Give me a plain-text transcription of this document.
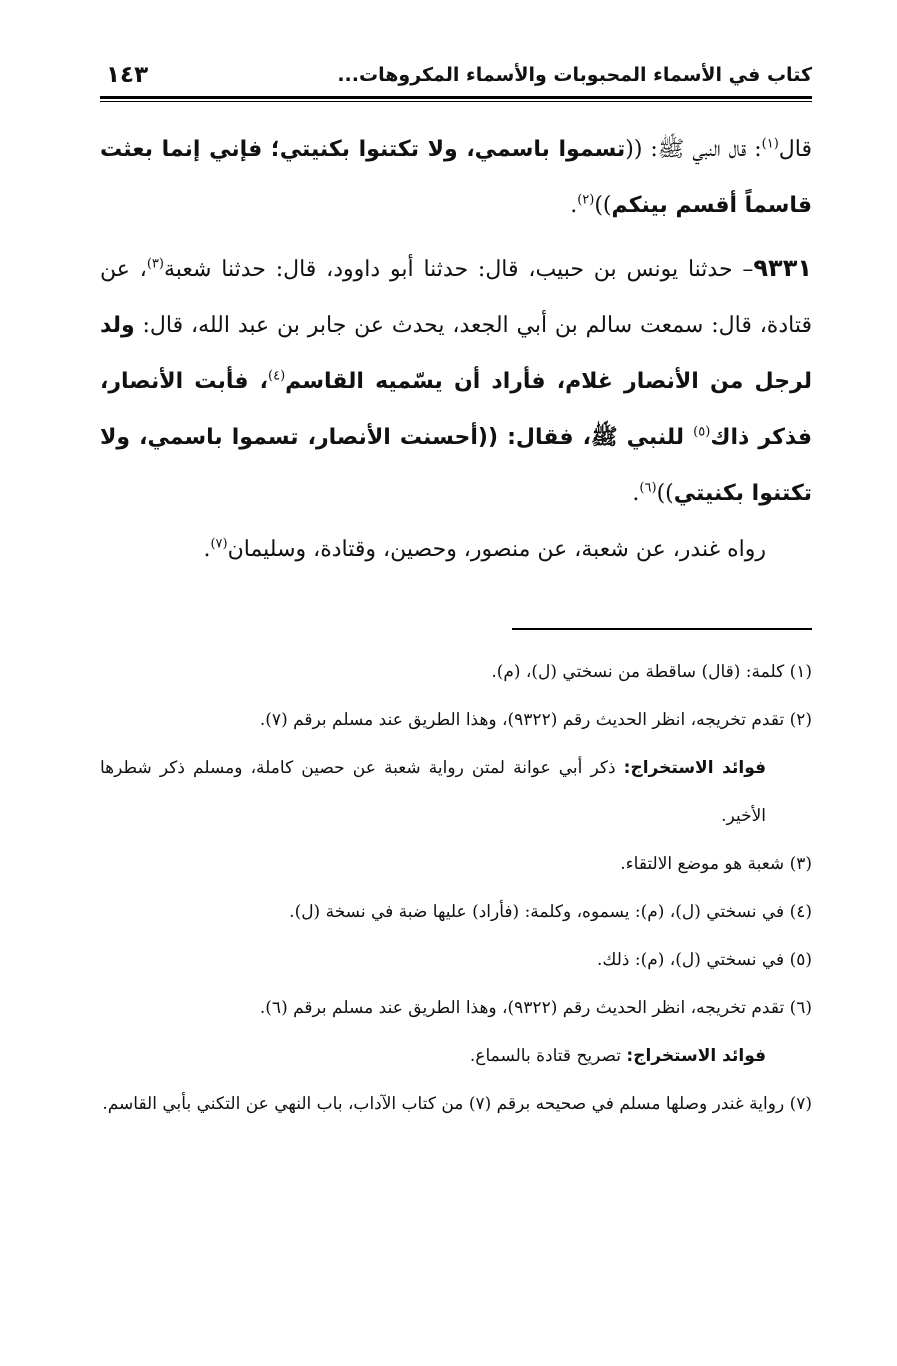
كتاب في الأسماء المحبوبات والأسماء المكروهات...
١٤٣

قال$^{(١)}$: قال النبي ﷺ: ((تسموا باسمي، ولا تكتنوا بكنيتي؛ فإني إنما بعثت قاسماً أقسم بينكم))$^{(٢)}$.

٩٣٣١– حدثنا يونس بن حبيب، قال: حدثنا أبو داوود، قال: حدثنا شعبة$^{(٣)}$، عن قتادة، قال: سمعت سالم بن أبي الجعد، يحدث عن جابر بن عبد الله، قال: ولد لرجل من الأنصار غلام، فأراد أن يسّميه القاسم$^{(٤)}$، فأبت الأنصار، فذكر ذاك$^{(٥)}$ للنبي ﷺ، فقال: ((أحسنت الأنصار، تسموا باسمي، ولا تكتنوا بكنيتي))$^{(٦)}$.

رواه غندر، عن شعبة، عن منصور، وحصين، وقتادة، وسليمان$^{(٧)}$.

(١) كلمة: (قال) ساقطة من نسختي (ل)، (م).

(٢) تقدم تخريجه، انظر الحديث رقم (٩٣٢٢)، وهذا الطريق عند مسلم برقم (٧).

فوائد الاستخراج: ذكر أبي عوانة لمتن رواية شعبة عن حصين كاملة، ومسلم ذكر شطرها الأخير.

(٣) شعبة هو موضع الالتقاء.

(٤) في نسختي (ل)، (م): يسموه، وكلمة: (فأراد) عليها ضبة في نسخة (ل).

(٥) في نسختي (ل)، (م): ذلك.

(٦) تقدم تخريجه، انظر الحديث رقم (٩٣٢٢)، وهذا الطريق عند مسلم برقم (٦).

فوائد الاستخراج: تصريح قتادة بالسماع.

(٧) رواية غندر وصلها مسلم في صحيحه برقم (٧) من كتاب الآداب، باب النهي عن التكني بأبي القاسم.
